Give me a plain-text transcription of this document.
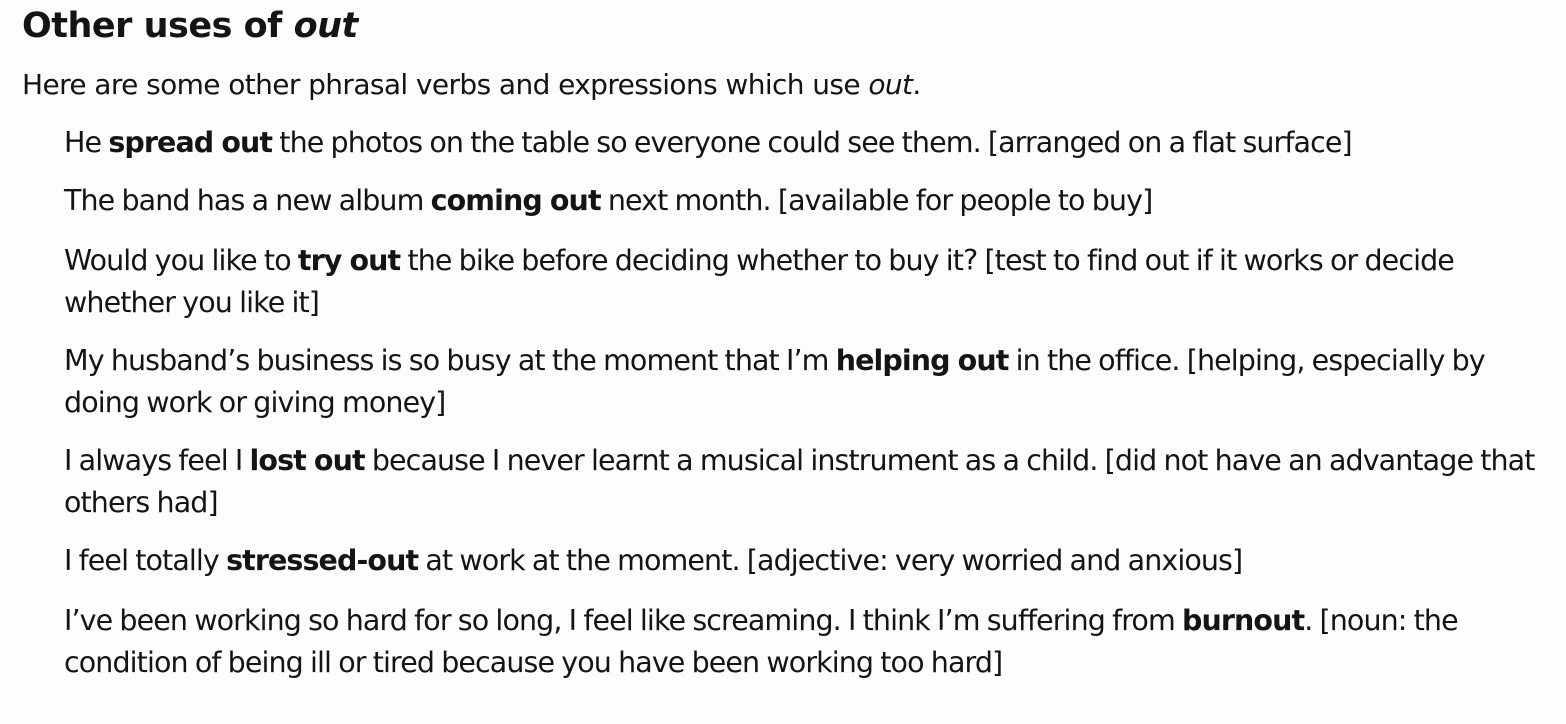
Other uses of out
Here are some other phrasal verbs and expressions which use out.
He spread out the photos on the table so everyone could see them. [arranged on a flat surface]
The band has a new album coming out next month. [available for people to buy]
Would you like to try out the bike before deciding whether to buy it? [test to find out if it works or decide whether you like it]
My husband’s business is so busy at the moment that I’m helping out in the office. [helping, especially by doing work or giving money]
I always feel I lost out because I never learnt a musical instrument as a child. [did not have an advantage that others had]
I feel totally stressed-out at work at the moment. [adjective: very worried and anxious]
I’ve been working so hard for so long, I feel like screaming. I think I’m suffering from burnout. [noun: the condition of being ill or tired because you have been working too hard]
